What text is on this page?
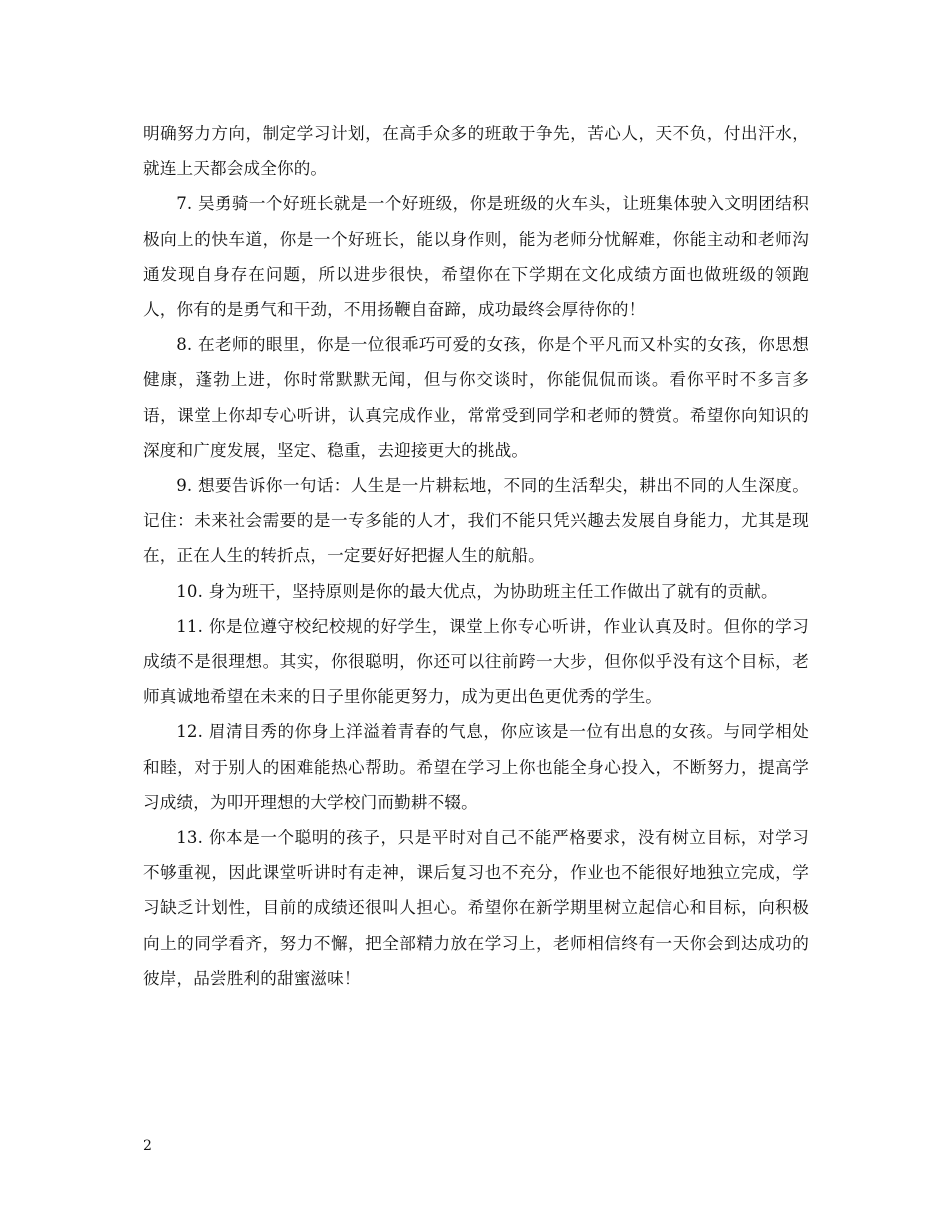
明确努力方向，制定学习计划，在高手众多的班敢于争先，苦心人，天不负，付出汗水，就连上天都会成全你的。

7. 吴勇骑一个好班长就是一个好班级，你是班级的火车头，让班集体驶入文明团结积极向上的快车道，你是一个好班长，能以身作则，能为老师分忧解难，你能主动和老师沟通发现自身存在问题，所以进步很快，希望你在下学期在文化成绩方面也做班级的领跑人，你有的是勇气和干劲，不用扬鞭自奋蹄，成功最终会厚待你的！

8. 在老师的眼里，你是一位很乖巧可爱的女孩，你是个平凡而又朴实的女孩，你思想健康，蓬勃上进，你时常默默无闻，但与你交谈时，你能侃侃而谈。看你平时不多言多语，课堂上你却专心听讲，认真完成作业，常常受到同学和老师的赞赏。希望你向知识的深度和广度发展，坚定、稳重，去迎接更大的挑战。

9. 想要告诉你一句话：人生是一片耕耘地，不同的生活犁尖，耕出不同的人生深度。记住：未来社会需要的是一专多能的人才，我们不能只凭兴趣去发展自身能力，尤其是现在，正在人生的转折点，一定要好好把握人生的航船。

10. 身为班干，坚持原则是你的最大优点，为协助班主任工作做出了就有的贡献。

11. 你是位遵守校纪校规的好学生，课堂上你专心听讲，作业认真及时。但你的学习成绩不是很理想。其实，你很聪明，你还可以往前跨一大步，但你似乎没有这个目标，老师真诚地希望在未来的日子里你能更努力，成为更出色更优秀的学生。

12. 眉清目秀的你身上洋溢着青春的气息，你应该是一位有出息的女孩。与同学相处和睦，对于别人的困难能热心帮助。希望在学习上你也能全身心投入，不断努力，提高学习成绩，为叩开理想的大学校门而勤耕不辍。

13. 你本是一个聪明的孩子，只是平时对自己不能严格要求，没有树立目标，对学习不够重视，因此课堂听讲时有走神，课后复习也不充分，作业也不能很好地独立完成，学习缺乏计划性，目前的成绩还很叫人担心。希望你在新学期里树立起信心和目标，向积极向上的同学看齐，努力不懈，把全部精力放在学习上，老师相信终有一天你会到达成功的彼岸，品尝胜利的甜蜜滋味！

2
